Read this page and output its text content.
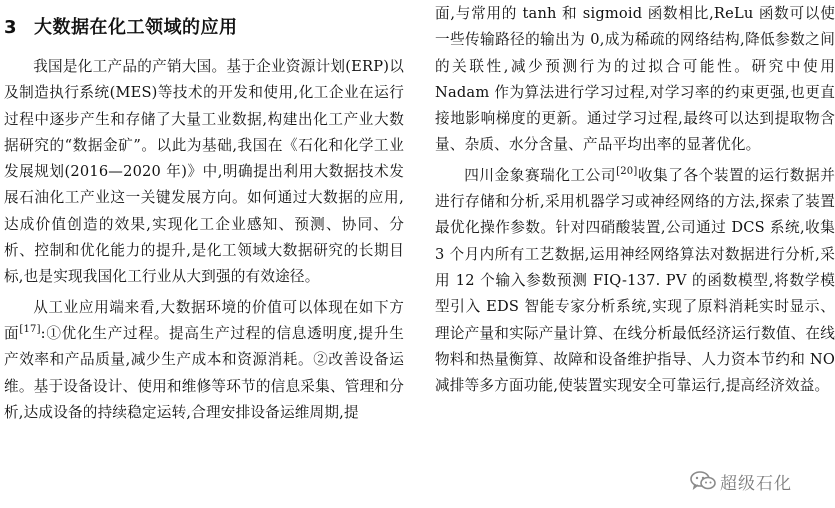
3 大数据在化工领域的应用

我国是化工产品的产销大国。基于企业资源计划(ERP)以及制造执行系统(MES)等技术的开发和使用,化工企业在运行过程中逐步产生和存储了大量工业数据,构建出化工产业大数据研究的“数据金矿”。以此为基础,我国在《石化和化学工业发展规划(2016—2020 年)》中,明确提出利用大数据技术发展石油化工产业这一关键发展方向。如何通过大数据的应用,达成价值创造的效果,实现化工企业感知、预测、协同、分析、控制和优化能力的提升,是化工领域大数据研究的长期目标,也是实现我国化工行业从大到强的有效途径。

从工业应用端来看,大数据环境的价值可以体现在如下方面[17]:①优化生产过程。提高生产过程的信息透明度,提升生产效率和产品质量,减少生产成本和资源消耗。②改善设备运维。基于设备设计、使用和维修等环节的信息采集、管理和分析,达成设备的持续稳定运转,合理安排设备运维周期,提

面,与常用的 tanh 和 sigmoid 函数相比,ReLu 函数可以使一些传输路径的输出为 0,成为稀疏的网络结构,降低参数之间的关联性,减少预测行为的过拟合可能性。研究中使用 Nadam 作为算法进行学习过程,对学习率的约束更强,也更直接地影响梯度的更新。通过学习过程,最终可以达到提取物含量、杂质、水分含量、产品平均出率的显著优化。

四川金象赛瑞化工公司[20]收集了各个装置的运行数据并进行存储和分析,采用机器学习或神经网络的方法,探索了装置最优化操作参数。针对四硝酸装置,公司通过 DCS 系统,收集 3 个月内所有工艺数据,运用神经网络算法对数据进行分析,采用 12 个输入参数预测 FIQ-137. PV 的函数模型,将数学模型引入 EDS 智能专家分析系统,实现了原料消耗实时显示、理论产量和实际产量计算、在线分析最低经济运行数值、在线物料和热量衡算、故障和设备维护指导、人力资本节约和 NO 减排等多方面功能,使装置实现安全可靠运行,提高经济效益。

超级石化
